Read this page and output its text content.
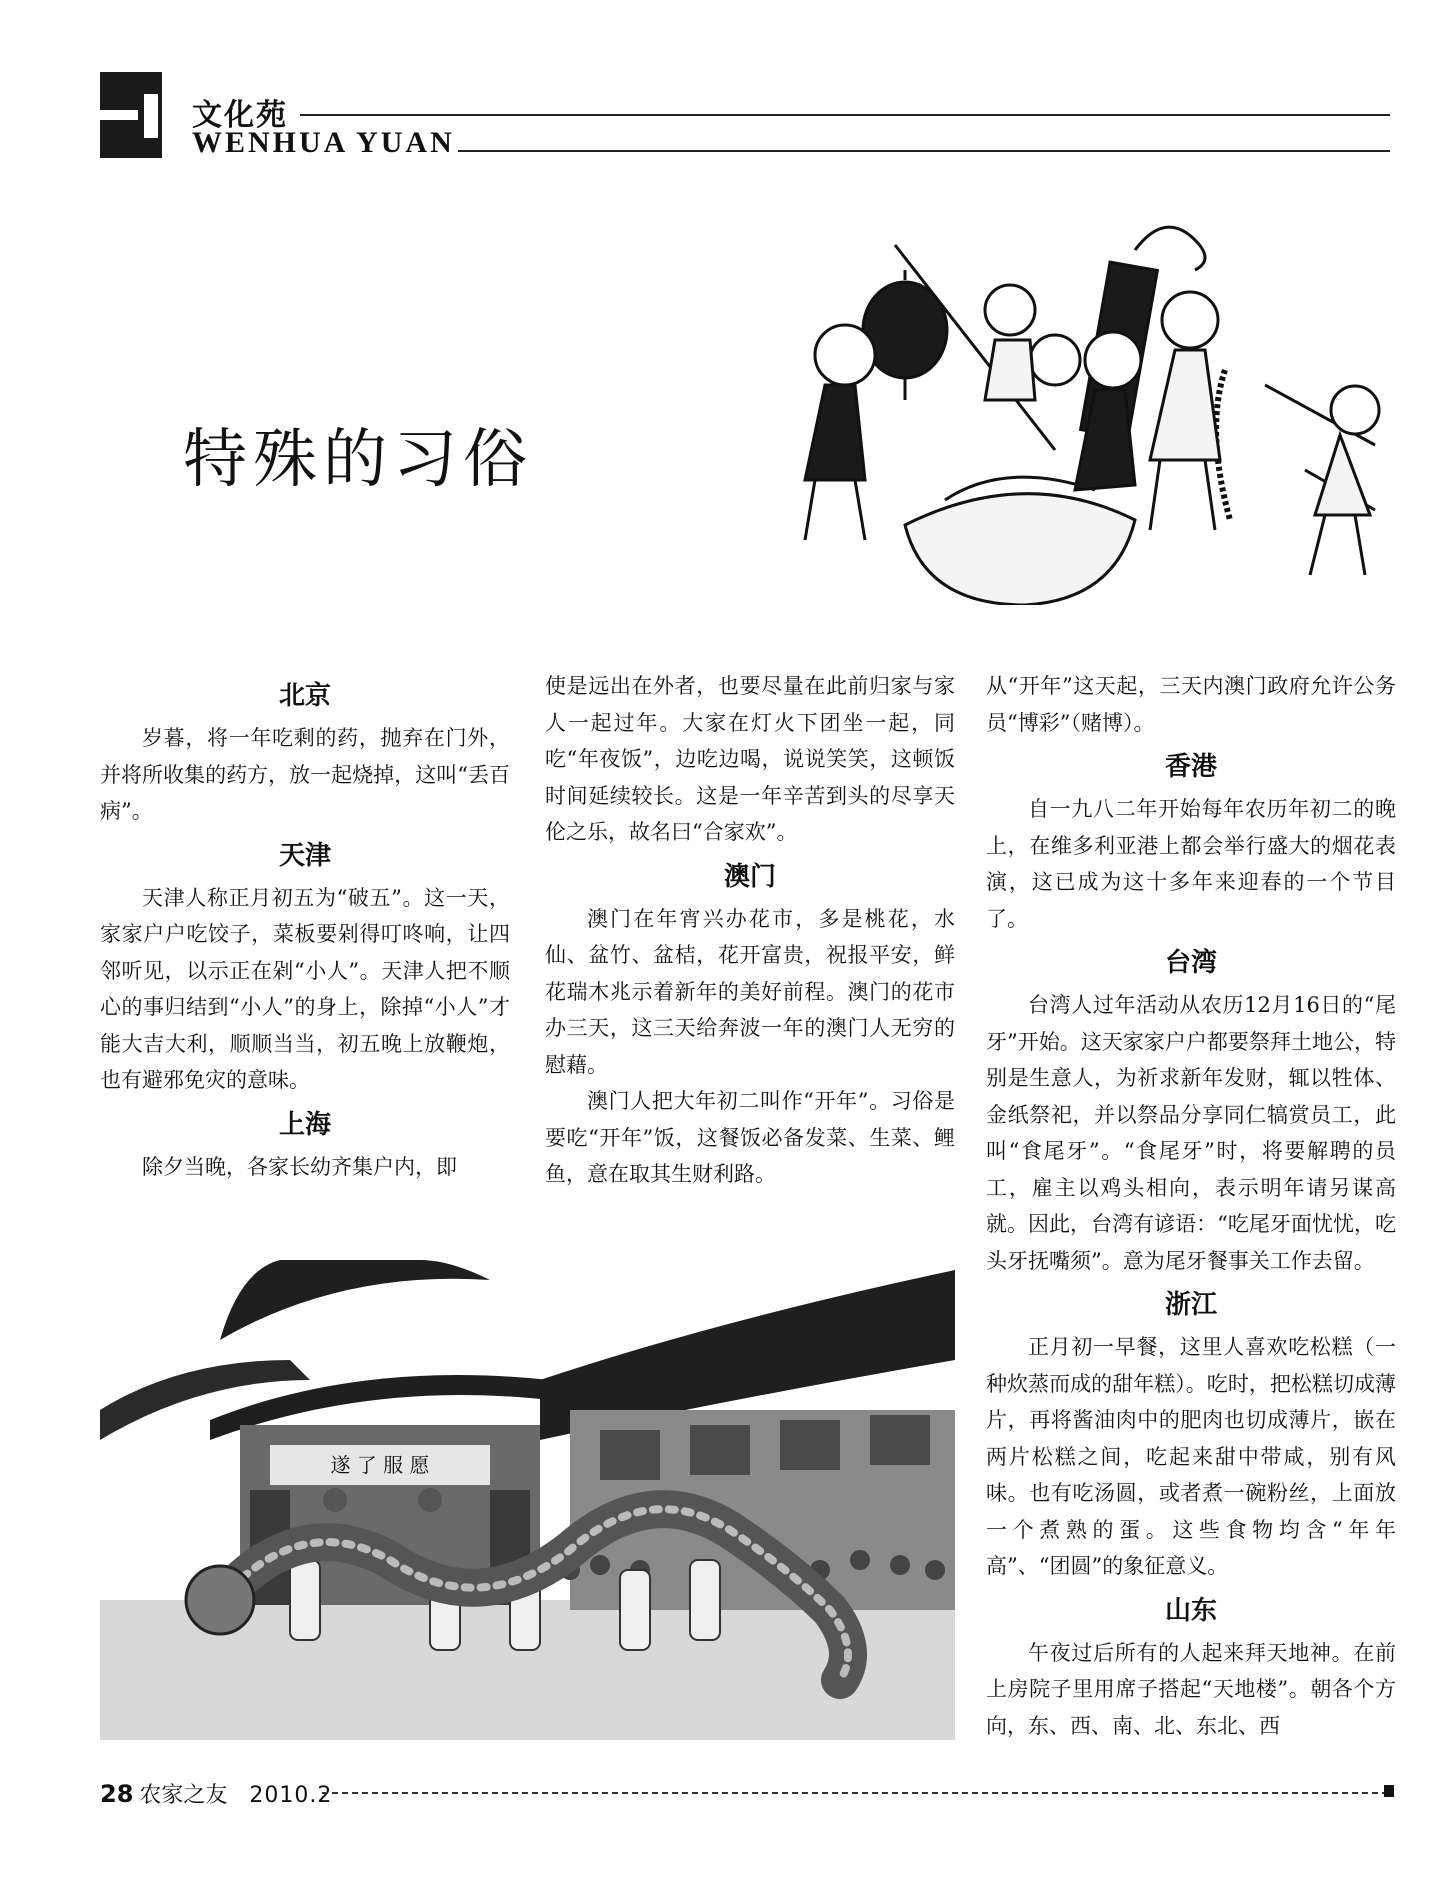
文化苑
WENHUA YUAN
中国各地过春节
特殊的习俗
北京

岁暮，将一年吃剩的药，抛弃在门外，并将所收集的药方，放一起烧掉，这叫“丢百病”。

天津

天津人称正月初五为“破五”。这一天，家家户户吃饺子，菜板要剁得叮咚响，让四邻听见，以示正在剁“小人”。天津人把不顺心的事归结到“小人”的身上，除掉“小人”才能大吉大利，顺顺当当，初五晚上放鞭炮，也有避邪免灾的意味。

上海

除夕当晚，各家长幼齐集户内，即

使是远出在外者，也要尽量在此前归家与家人一起过年。大家在灯火下团坐一起，同吃“年夜饭”，边吃边喝，说说笑笑，这顿饭时间延续较长。这是一年辛苦到头的尽享天伦之乐，故名曰“合家欢”。

澳门

澳门在年宵兴办花市，多是桃花，水仙、盆竹、盆桔，花开富贵，祝报平安，鲜花瑞木兆示着新年的美好前程。澳门的花市办三天，这三天给奔波一年的澳门人无穷的慰藉。

澳门人把大年初二叫作“开年”。习俗是要吃“开年”饭，这餐饭必备发菜、生菜、鲤鱼，意在取其生财利路。

从“开年”这天起，三天内澳门政府允许公务员“博彩”（赌博）。

香港

自一九八二年开始每年农历年初二的晚上，在维多利亚港上都会举行盛大的烟花表演，这已成为这十多年来迎春的一个节目了。

台湾

台湾人过年活动从农历12月16日的“尾牙”开始。这天家家户户都要祭拜土地公，特别是生意人，为祈求新年发财，辄以牲体、金纸祭祀，并以祭品分享同仁犒赏员工，此叫“食尾牙”。“食尾牙”时，将要解聘的员工，雇主以鸡头相向，表示明年请另谋高就。因此，台湾有谚语：“吃尾牙面忧忧，吃头牙抚嘴须”。意为尾牙餐事关工作去留。

浙江

正月初一早餐，这里人喜欢吃松糕（一种炊蒸而成的甜年糕）。吃时，把松糕切成薄片，再将酱油肉中的肥肉也切成薄片，嵌在两片松糕之间，吃起来甜中带咸，别有风味。也有吃汤圆，或者煮一碗粉丝，上面放一个煮熟的蛋。这些食物均含“年年高”、“团圆”的象征意义。

山东

午夜过后所有的人起来拜天地神。在前上房院子里用席子搭起“天地楼”。朝各个方向，东、西、南、北、东北、西

遂 了 服 愿
28 农家之友 2010.2
